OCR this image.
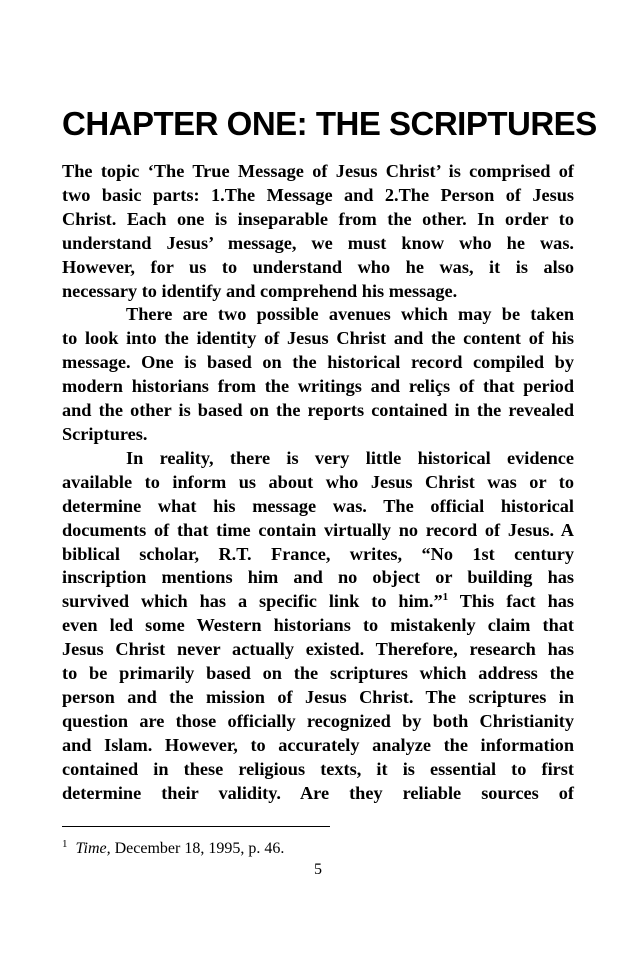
CHAPTER ONE: THE SCRIPTURES

The topic ‘The True Message of Jesus Christ’ is comprised of
two basic parts: 1.The Message and 2.The Person of Jesus
Christ. Each one is inseparable from the other. In order to
understand Jesus’ message, we must know who he was.
However, for us to understand who he was, it is also
necessary to identify and comprehend his message.

There are two possible avenues which may be taken
to look into the identity of Jesus Christ and the content of his
message. One is based on the historical record compiled by
modern historians from the writings and reliçs of that period
and the other is based on the reports contained in the revealed
Scriptures.

In reality, there is very little historical evidence
available to inform us about who Jesus Christ was or to
determine what his message was. The official historical
documents of that time contain virtually no record of Jesus. A
biblical scholar, R.T. France, writes, “No 1st century
inscription mentions him and no object or building has
survived which has a specific link to him.”$^1$ This fact has
even led some Western historians to mistakenly claim that
Jesus Christ never actually existed. Therefore, research has
to be primarily based on the scriptures which address the
person and the mission of Jesus Christ. The scriptures in
question are those officially recognized by both Christianity
and Islam. However, to accurately analyze the information
contained in these religious texts, it is essential to first
determine their validity. Are they reliable sources of

$^1$ Time, December 18, 1995, p. 46.
5
